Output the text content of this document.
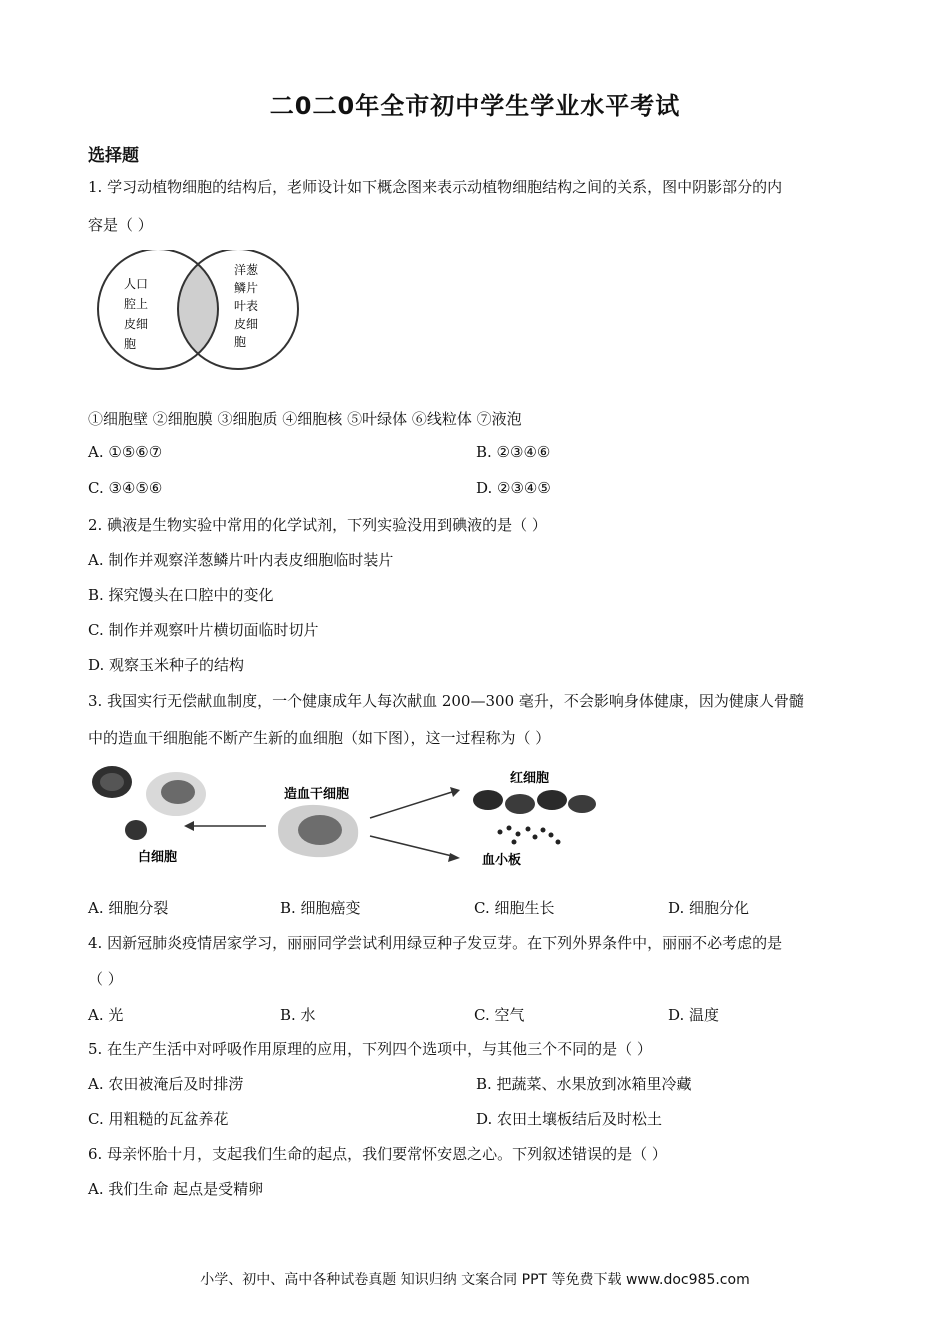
二0二0年全市初中学生学业水平考试
选择题
1. 学习动植物细胞的结构后，老师设计如下概念图来表示动植物细胞结构之间的关系，图中阴影部分的内
容是（ ）
人口
腔上
皮细
胞
洋葱
鳞片
叶表
皮细
胞
①细胞壁 ②细胞膜 ③细胞质 ④细胞核 ⑤叶绿体 ⑥线粒体 ⑦液泡
A. ①⑤⑥⑦	B. ②③④⑥
C. ③④⑤⑥	D. ②③④⑤
2. 碘液是生物实验中常用的化学试剂，下列实验没用到碘液的是（ ）
A. 制作并观察洋葱鳞片叶内表皮细胞临时装片
B. 探究馒头在口腔中的变化
C. 制作并观察叶片横切面临时切片
D. 观察玉米种子的结构
3. 我国实行无偿献血制度，一个健康成年人每次献血 200—300 毫升，不会影响身体健康，因为健康人骨髓
中的造血干细胞能不断产生新的血细胞（如下图），这一过程称为（ ）
白细胞
造血干细胞
红细胞
血小板
A. 细胞分裂	B. 细胞癌变	C. 细胞生长	D. 细胞分化
4. 因新冠肺炎疫情居家学习，丽丽同学尝试利用绿豆种子发豆芽。在下列外界条件中，丽丽不必考虑的是
（ ）
A. 光	B. 水	C. 空气	D. 温度
5. 在生产生活中对呼吸作用原理的应用，下列四个选项中，与其他三个不同的是（ ）
A. 农田被淹后及时排涝	B. 把蔬菜、水果放到冰箱里冷藏
C. 用粗糙的瓦盆养花	D. 农田土壤板结后及时松土
6. 母亲怀胎十月，支起我们生命的起点，我们要常怀安恩之心。下列叙述错误的是（ ）
A. 我们生命 起点是受精卵
小学、初中、高中各种试卷真题 知识归纳 文案合同 PPT 等免费下载 www.doc985.com
